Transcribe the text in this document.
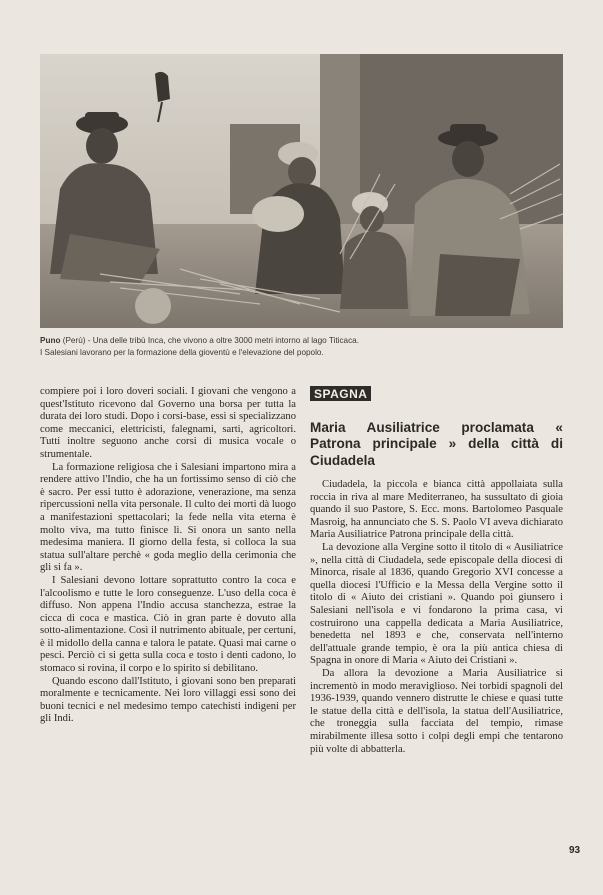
Puno (Perù) - Una delle tribù Inca, che vivono a oltre 3000 metri intorno al lago Titicaca.
I Salesiani lavorano per la formazione della gioventù e l'elevazione del popolo.

compiere poi i loro doveri sociali. I giovani che vengono a quest'Istituto ricevono dal Governo una borsa per tutta la durata dei loro studi. Dopo i corsi-base, essi si specializzano come meccanici, elettricisti, falegnami, sarti, agricoltori. Tutti inoltre seguono anche corsi di musica vocale o strumentale.

La formazione religiosa che i Salesiani impartono mira a rendere attivo l'Indio, che ha un fortissimo senso di ciò che è sacro. Per essi tutto è adorazione, venerazione, ma senza ripercussioni nella vita personale. Il culto dei morti dà luogo a manifestazioni spettacolari; la fede nella vita eterna è molto viva, ma tutto finisce lì. Si onora un santo nella medesima maniera. Il giorno della festa, si colloca la sua statua sull'altare perchè « goda meglio della cerimonia che gli si fa ».

I Salesiani devono lottare soprattutto contro la coca e l'alcoolismo e tutte le loro conseguenze. L'uso della coca è diffuso. Non appena l'Indio accusa stanchezza, estrae la cicca di coca e mastica. Ciò in gran parte è dovuto alla sotto-alimentazione. Così il nutrimento abituale, per certuni, è il midollo della canna e talora le patate. Quasi mai carne o pesci. Perciò ci si getta sulla coca e tosto i denti cadono, lo stomaco si rovina, il corpo e lo spirito si debilitano.

Quando escono dall'Istituto, i giovani sono ben preparati moralmente e tecnicamente. Nei loro villaggi essi sono dei buoni tecnici e nel medesimo tempo catechisti indigeni per gli Indi.

SPAGNA
Maria Ausiliatrice proclamata « Patrona principale » della città di Ciudadela

Ciudadela, la piccola e bianca città appollaiata sulla roccia in riva al mare Mediterraneo, ha sussultato di gioia quando il suo Pastore, S. Ecc. mons. Bartolomeo Pasquale Masroig, ha annunciato che S. S. Paolo VI aveva dichiarato Maria Ausiliatrice Patrona principale della città.

La devozione alla Vergine sotto il titolo di « Ausiliatrice », nella città di Ciudadela, sede episcopale della diocesi di Minorca, risale al 1836, quando Gregorio XVI concesse a quella diocesi l'Ufficio e la Messa della Vergine sotto il titolo di « Aiuto dei cristiani ». Quando poi giunsero i Salesiani nell'isola e vi fondarono la prima casa, vi costruirono una cappella dedicata a Maria Ausiliatrice, benedetta nel 1893 e che, conservata nell'interno dell'attuale grande tempio, è ora la più antica chiesa di Spagna in onore di Maria « Aiuto dei Cristiani ».

Da allora la devozione a Maria Ausiliatrice si incrementò in modo meraviglioso. Nei torbidi spagnoli del 1936-1939, quando vennero distrutte le chiese e quasi tutte le statue della città e dell'isola, la statua dell'Ausiliatrice, che troneggia sulla facciata del tempio, rimase mirabilmente illesa sotto i colpi degli empi che tentarono più volte di abbatterla.

93
